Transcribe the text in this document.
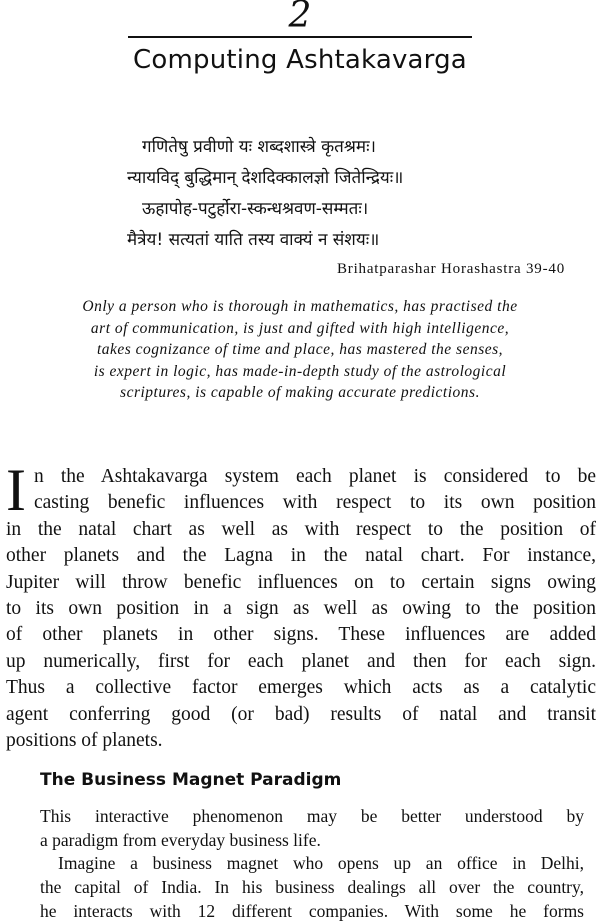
2
Computing Ashtakavarga
गणितेषु प्रवीणो यः शब्दशास्त्रे कृतश्रमः।
न्यायविद् बुद्धिमान् देशदिक्कालज्ञो जितेन्द्रियः॥
ऊहापोह-पटुर्होरा-स्कन्धश्रवण-सम्मतः।
मैत्रेय! सत्यतां याति तस्य वाक्यं न संशयः॥
Brihatparashar Horashastra 39-40
Only a person who is thorough in mathematics, has practised the
art of communication, is just and gifted with high intelligence,
takes cognizance of time and place, has mastered the senses,
is expert in logic, has made-in-depth study of the astrological
scriptures, is capable of making accurate predictions.
I n the Ashtakavarga system each planet is considered to be
casting benefic influences with respect to its own position
in the natal chart as well as with respect to the position of
other planets and the Lagna in the natal chart. For instance,
Jupiter will throw benefic influences on to certain signs owing
to its own position in a sign as well as owing to the position
of other planets in other signs. These influences are added
up numerically, first for each planet and then for each sign.
Thus a collective factor emerges which acts as a catalytic
agent conferring good (or bad) results of natal and transit
positions of planets.
The Business Magnet Paradigm
This interactive phenomenon may be better understood by
a paradigm from everyday business life.
Imagine a business magnet who opens up an office in Delhi,
the capital of India. In his business dealings all over the country,
he interacts with 12 different companies. With some he forms
